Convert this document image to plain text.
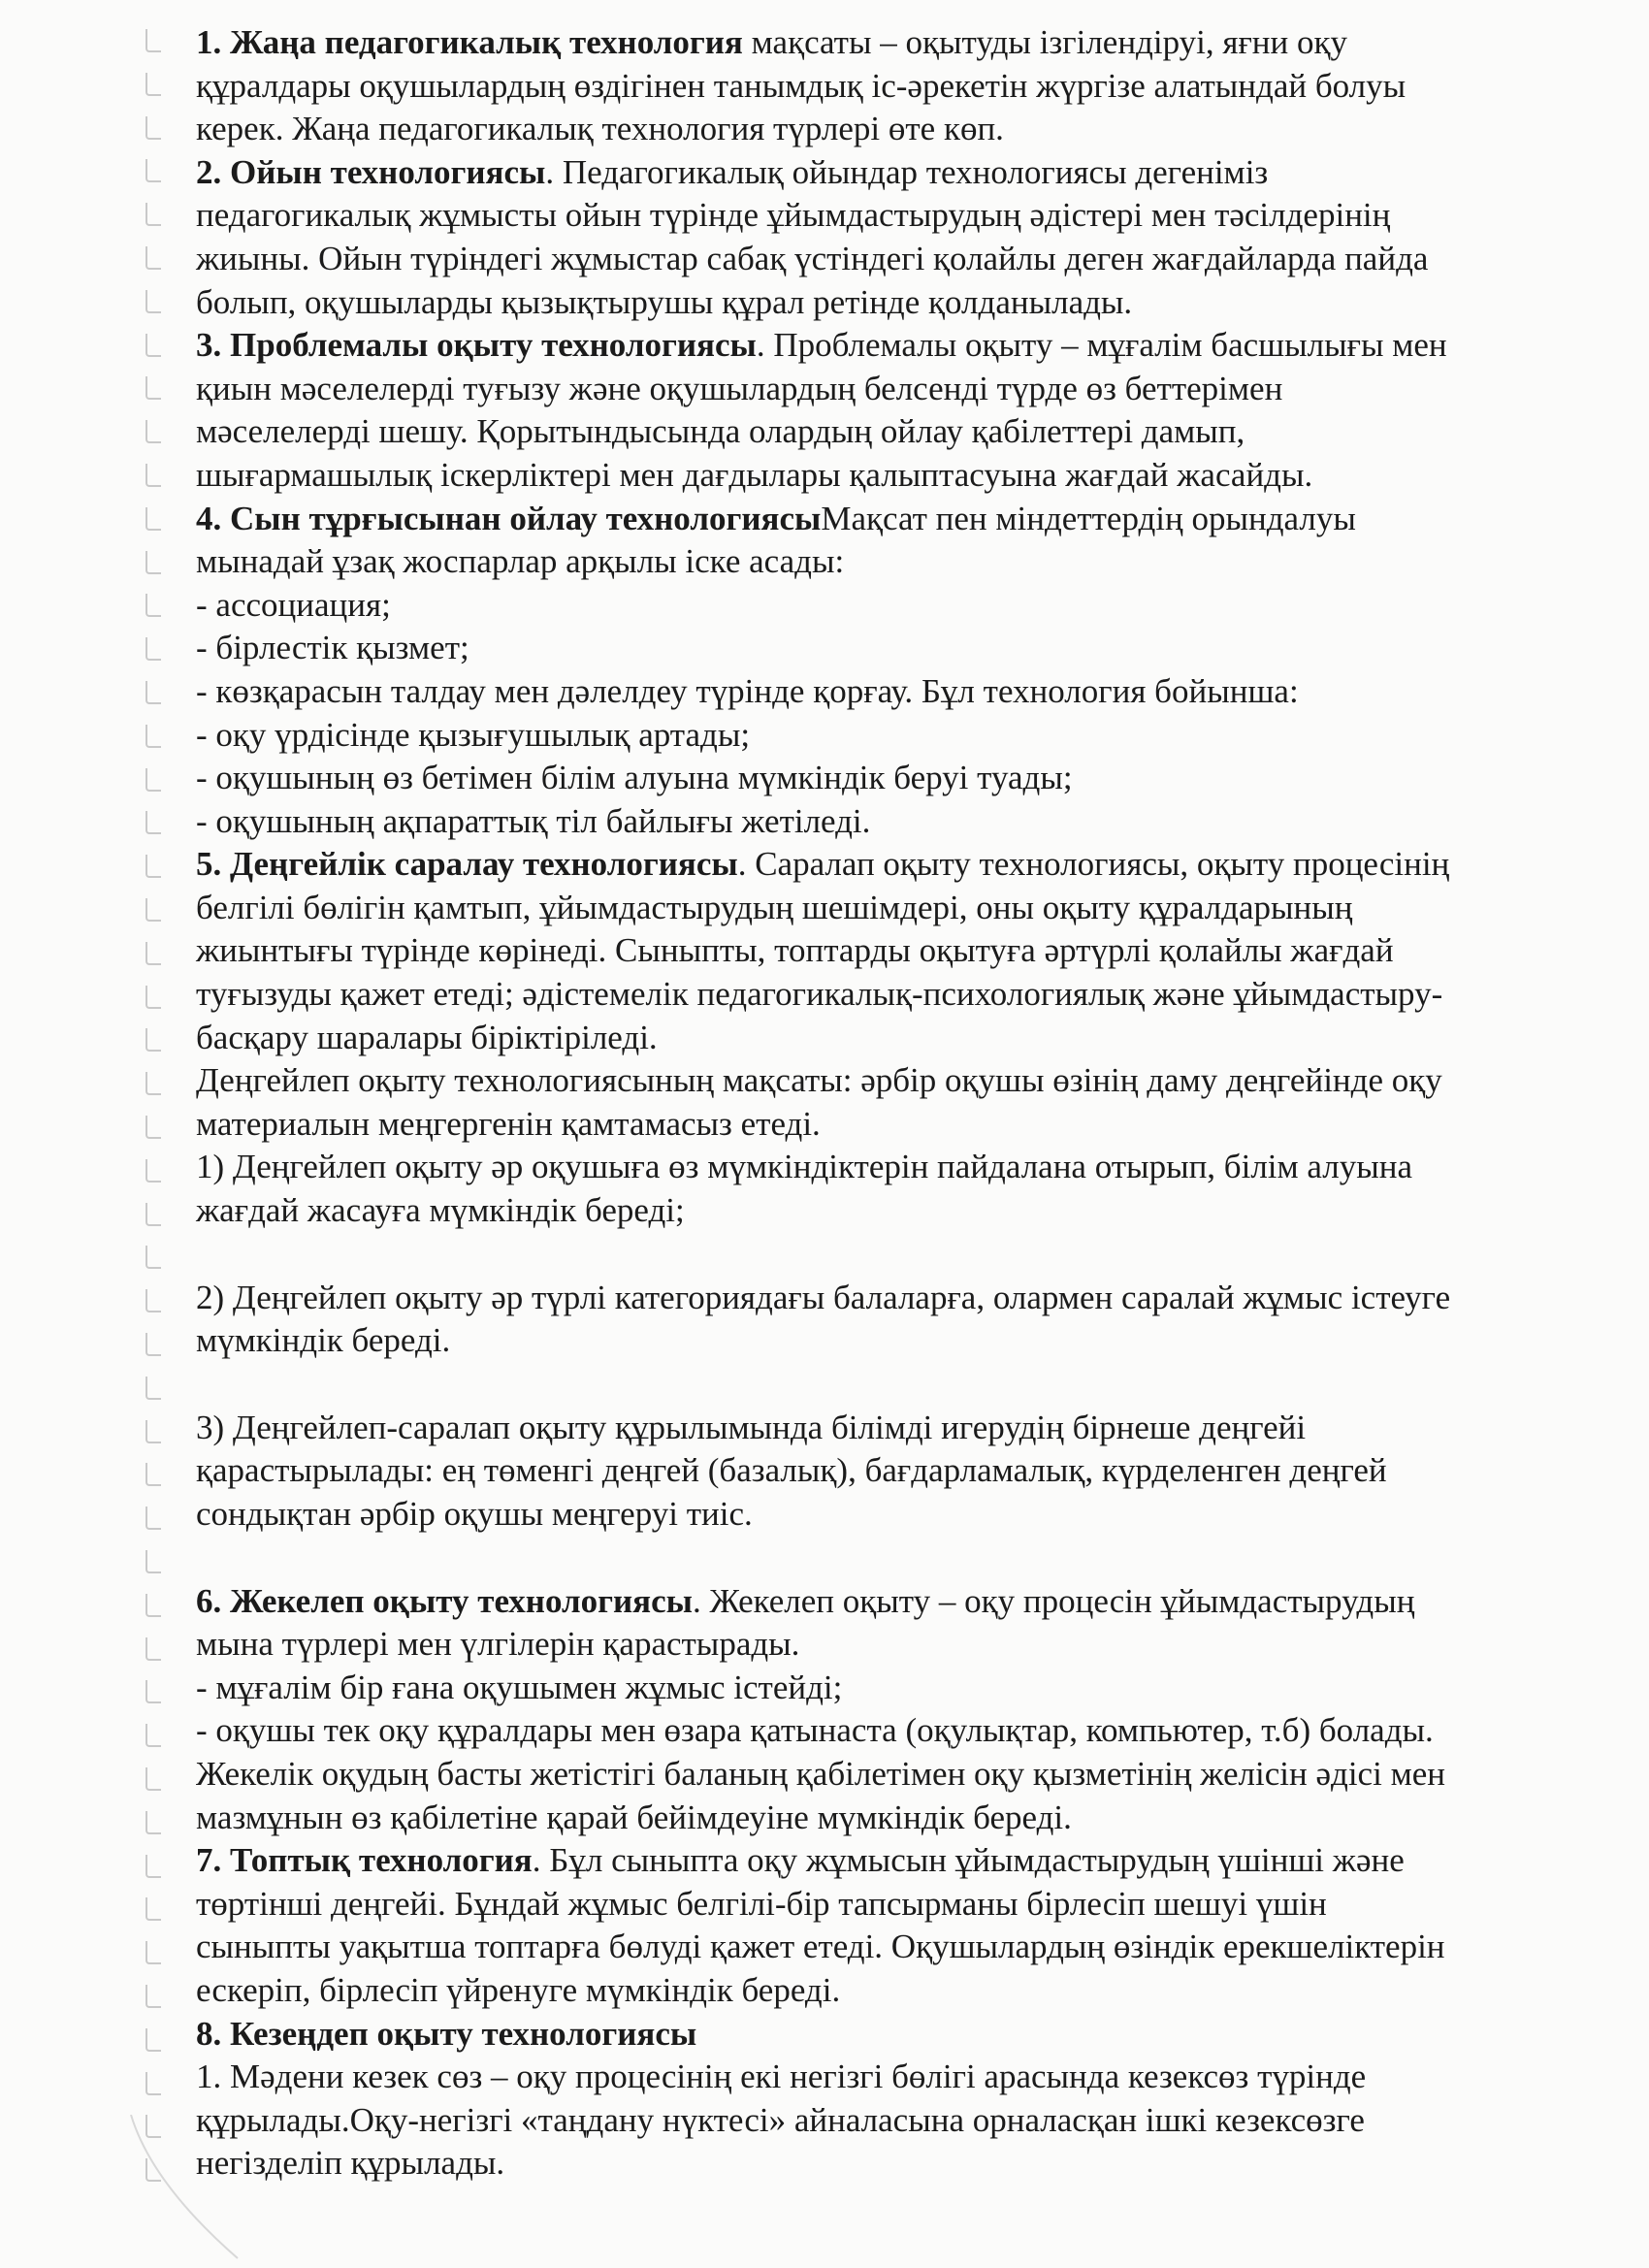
1. Жаңа педагогикалық технология мақсаты – оқытуды ізгілендіруі, яғни оқу

құралдары оқушылардың өздігінен танымдық іс-әрекетін жүргізе алатындай болуы

керек. Жаңа педагогикалық технология түрлері өте көп.

2. Ойын технологиясы. Педагогикалық ойындар технологиясы дегеніміз

педагогикалық жұмысты ойын түрінде ұйымдастырудың әдістері мен тәсілдерінің

жиыны. Ойын түріндегі жұмыстар сабақ үстіндегі қолайлы деген жағдайларда пайда

болып, оқушыларды қызықтырушы құрал ретінде қолданылады.

3. Проблемалы оқыту технологиясы. Проблемалы оқыту – мұғалім басшылығы мен

қиын мәселелерді туғызу және оқушылардың белсенді түрде өз беттерімен

мәселелерді шешу. Қорытындысында олардың ойлау қабілеттері дамып,

шығармашылық іскерліктері мен дағдылары қалыптасуына жағдай жасайды.

4. Сын тұрғысынан ойлау технологиясыМақсат пен міндеттердің орындалуы

мынадай ұзақ жоспарлар арқылы іске асады:

- ассоциация;

- бірлестік қызмет;

- көзқарасын талдау мен дәлелдеу түрінде қорғау. Бұл технология бойынша:

- оқу үрдісінде қызығушылық артады;

- оқушының өз бетімен білім алуына мүмкіндік беруі туады;

- оқушының ақпараттық тіл байлығы жетіледі.

5. Деңгейлік саралау технологиясы. Саралап оқыту технологиясы, оқыту процесінің

белгілі бөлігін қамтып, ұйымдастырудың шешімдері, оны оқыту құралдарының

жиынтығы түрінде көрінеді. Сыныпты, топтарды оқытуға әртүрлі қолайлы жағдай

туғызуды қажет етеді; әдістемелік педагогикалық-психологиялық және ұйымдастыру-

басқару шаралары біріктіріледі.

Деңгейлеп оқыту технологиясының мақсаты: әрбір оқушы өзінің даму деңгейінде оқу

материалын меңгергенін қамтамасыз етеді.

1) Деңгейлеп оқыту әр оқушыға өз мүмкіндіктерін пайдалана отырып, білім алуына

жағдай жасауға мүмкіндік береді;

2) Деңгейлеп оқыту әр түрлі категориядағы балаларға, олармен саралай жұмыс істеуге

мүмкіндік береді.

3) Деңгейлеп-саралап оқыту құрылымында білімді игерудің бірнеше деңгейі

қарастырылады: ең төменгі деңгей (базалық), бағдарламалық, күрделенген деңгей

сондықтан әрбір оқушы меңгеруі тиіс.

6. Жекелеп оқыту технологиясы. Жекелеп оқыту – оқу процесін ұйымдастырудың

мына түрлері мен үлгілерін қарастырады.

- мұғалім бір ғана оқушымен жұмыс істейді;

- оқушы тек оқу құралдары мен өзара қатынаста (оқулықтар, компьютер, т.б) болады.

Жекелік оқудың басты жетістігі баланың қабілетімен оқу қызметінің желісін әдісі мен

мазмұнын өз қабілетіне қарай бейімдеуіне мүмкіндік береді.

7. Топтық технология. Бұл сыныпта оқу жұмысын ұйымдастырудың үшінші және

төртінші деңгейі. Бұндай жұмыс белгілі-бір тапсырманы бірлесіп шешуі үшін

сыныпты уақытша топтарға бөлуді қажет етеді. Оқушылардың өзіндік ерекшеліктерін

ескеріп, бірлесіп үйренуге мүмкіндік береді.

8. Кезеңдеп оқыту технологиясы

1. Мәдени кезек сөз – оқу процесінің екі негізгі бөлігі арасында кезексөз түрінде

құрылады.Оқу-негізгі «таңдану нүктесі» айналасына орналасқан ішкі кезексөзге

негізделіп құрылады.
